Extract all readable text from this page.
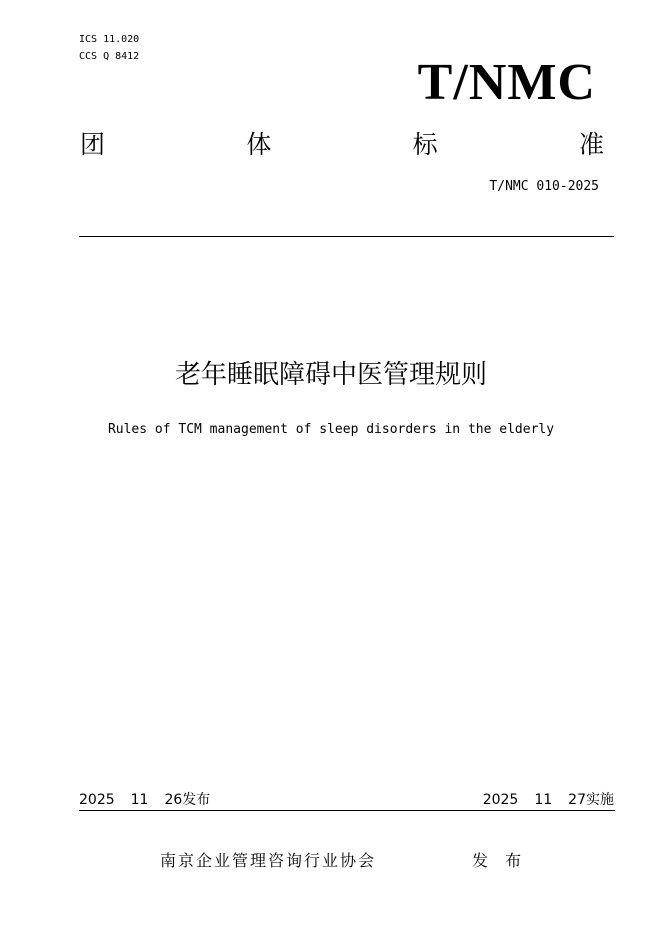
ICS 11.020
CCS Q 8412	T/NMC
团	体	标	准
T/NMC 010-2025
老年睡眠障碍中医管理规则
Rules of TCM management of sleep disorders in the elderly
2025 11 26 发布	2025 11 27 实施
南京企业管理咨询行业协会	发 布
